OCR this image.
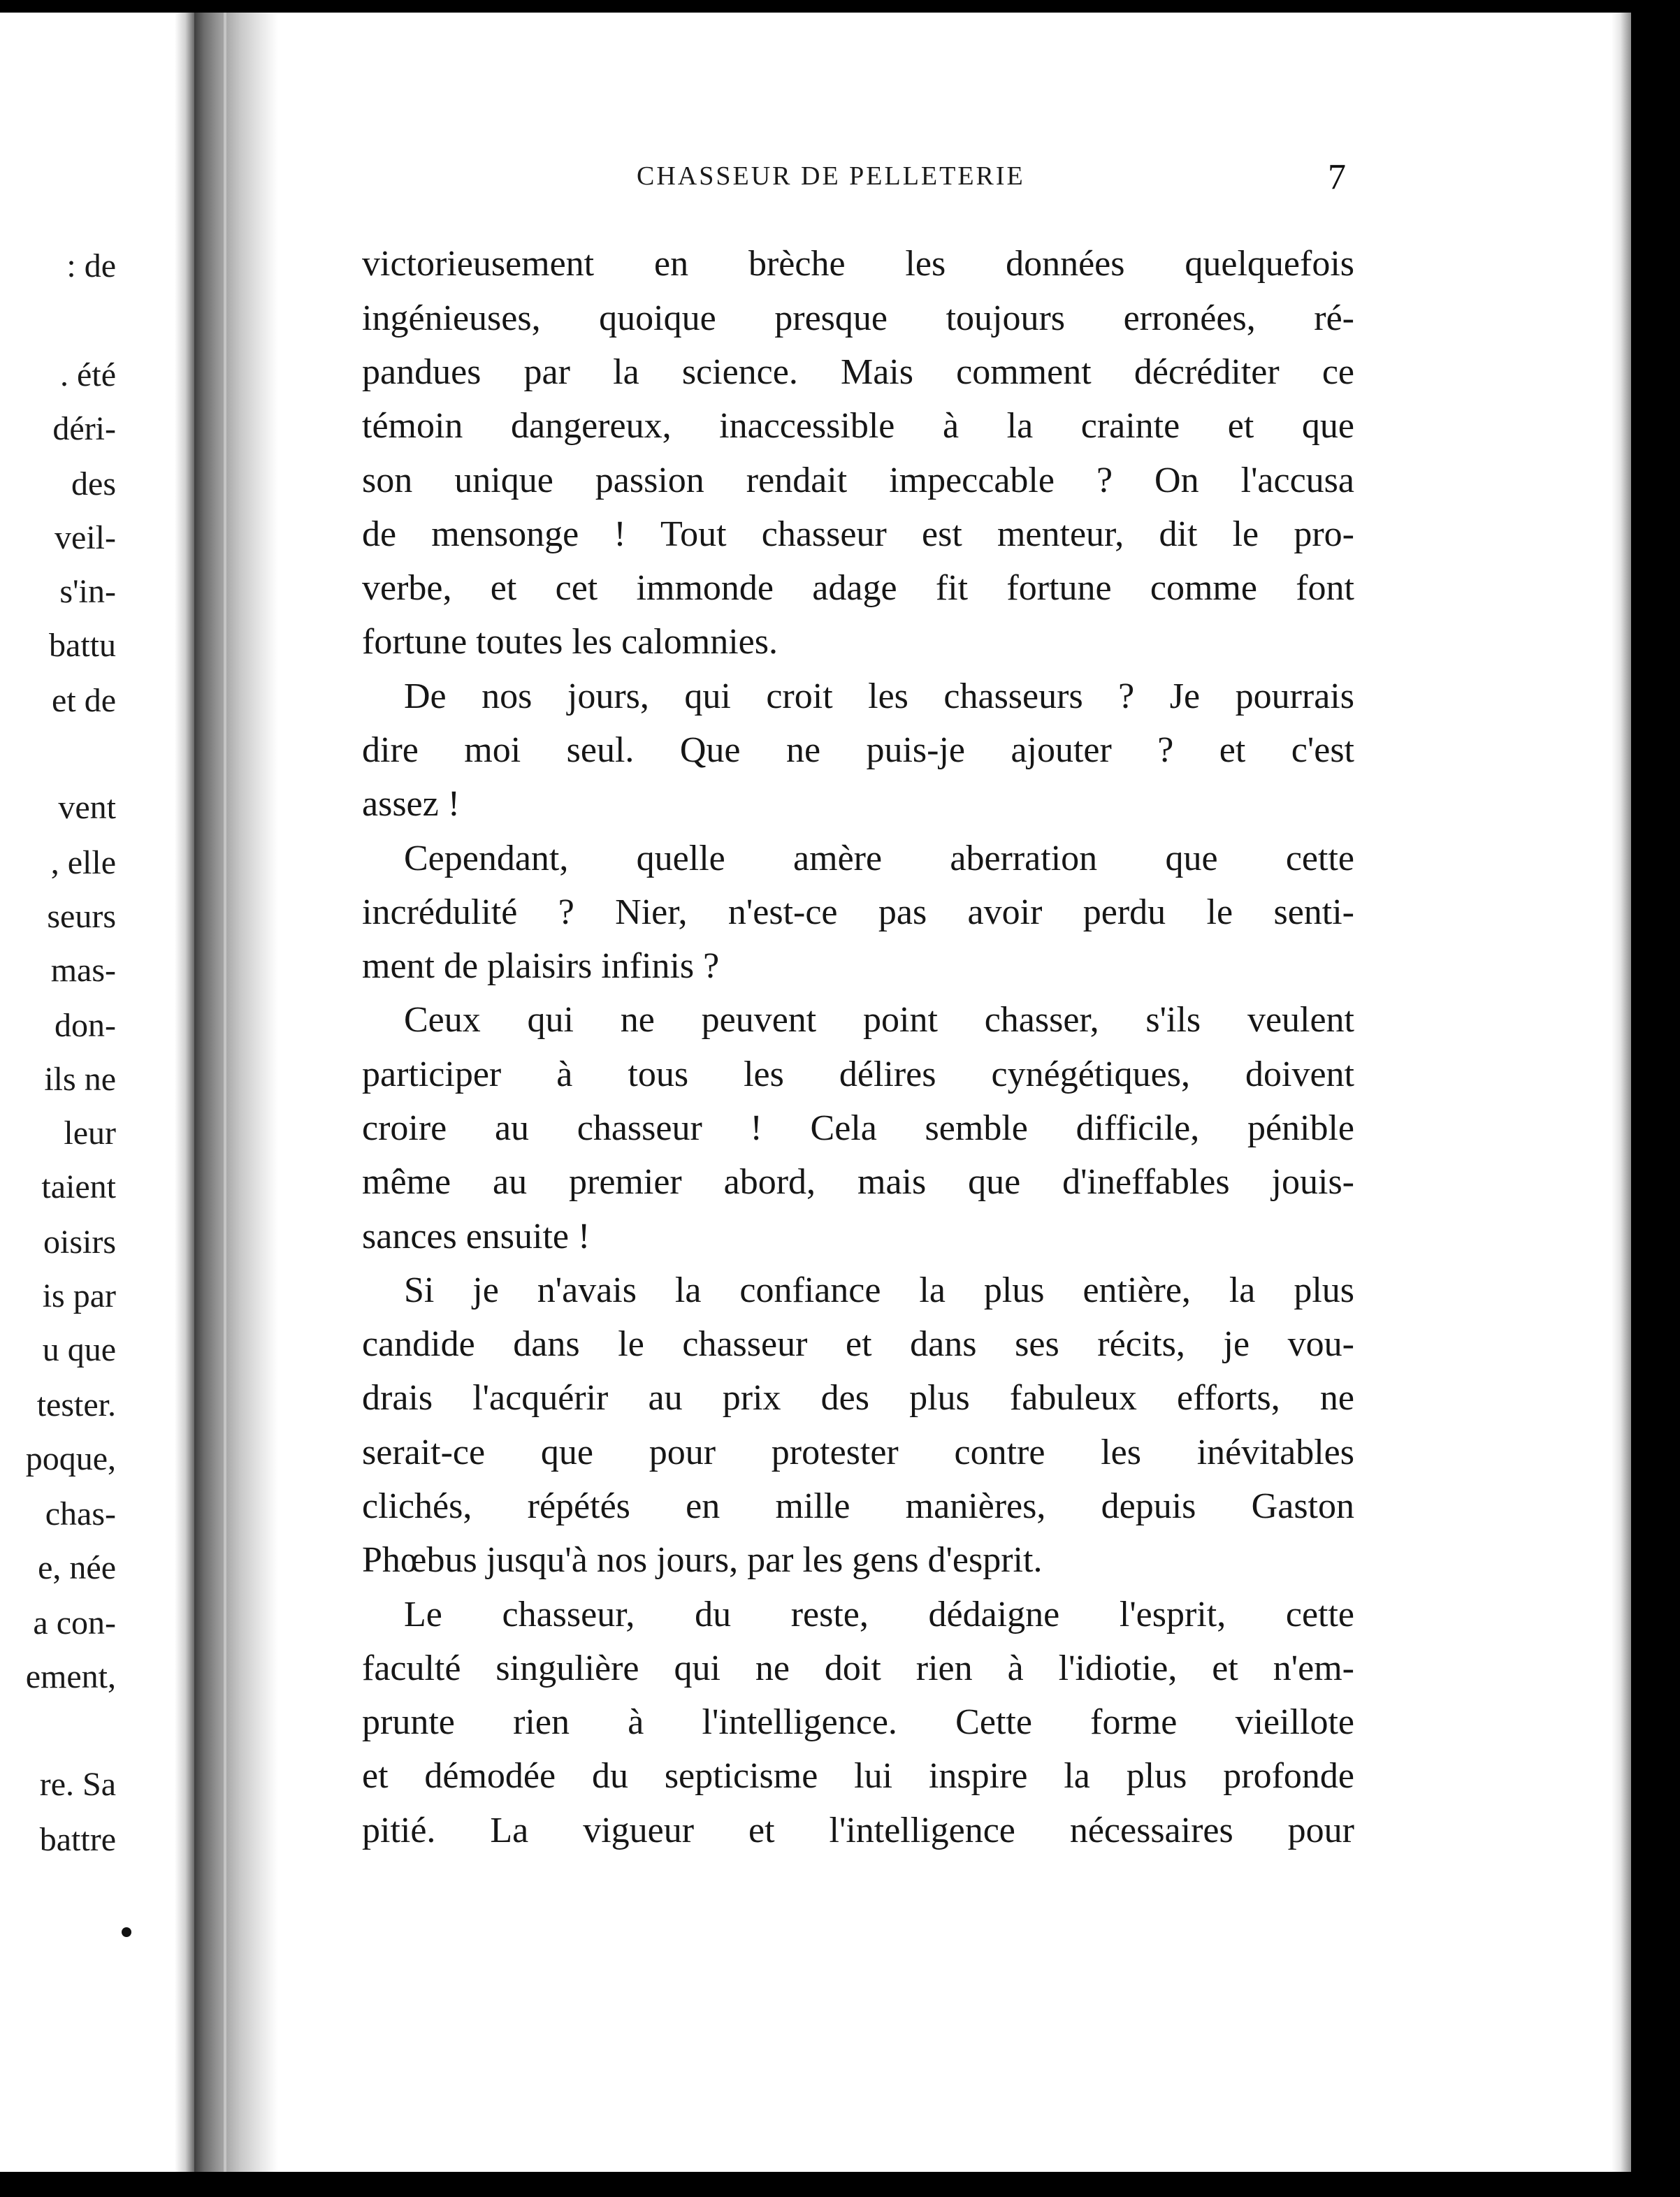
: de
. été
déri-
des
veil-
s'in-
battu
et de
vent
, elle
seurs
mas-
don-
ils ne
leur
taient
oisirs
is par
u que
tester.
poque,
chas-
e, née
a con-
ement,
re. Sa
battre
CHASSEUR DE PELLETERIE	7
victorieusement en brèche les données quelquefois
ingénieuses, quoique presque toujours erronées, ré-
pandues par la science. Mais comment décréditer ce
témoin dangereux, inaccessible à la crainte et que
son unique passion rendait impeccable ? On l'accusa
de mensonge ! Tout chasseur est menteur, dit le pro-
verbe, et cet immonde adage fit fortune comme font
fortune toutes les calomnies.
De nos jours, qui croit les chasseurs ? Je pourrais
dire moi seul. Que ne puis-je ajouter ? et c'est
assez !
Cependant, quelle amère aberration que cette
incrédulité ? Nier, n'est-ce pas avoir perdu le senti-
ment de plaisirs infinis ?
Ceux qui ne peuvent point chasser, s'ils veulent
participer à tous les délires cynégétiques, doivent
croire au chasseur ! Cela semble difficile, pénible
même au premier abord, mais que d'ineffables jouis-
sances ensuite !
Si je n'avais la confiance la plus entière, la plus
candide dans le chasseur et dans ses récits, je vou-
drais l'acquérir au prix des plus fabuleux efforts, ne
serait-ce que pour protester contre les inévitables
clichés, répétés en mille manières, depuis Gaston
Phœbus jusqu'à nos jours, par les gens d'esprit.
Le chasseur, du reste, dédaigne l'esprit, cette
faculté singulière qui ne doit rien à l'idiotie, et n'em-
prunte rien à l'intelligence. Cette forme vieillote
et démodée du septicisme lui inspire la plus profonde
pitié. La vigueur et l'intelligence nécessaires pour
